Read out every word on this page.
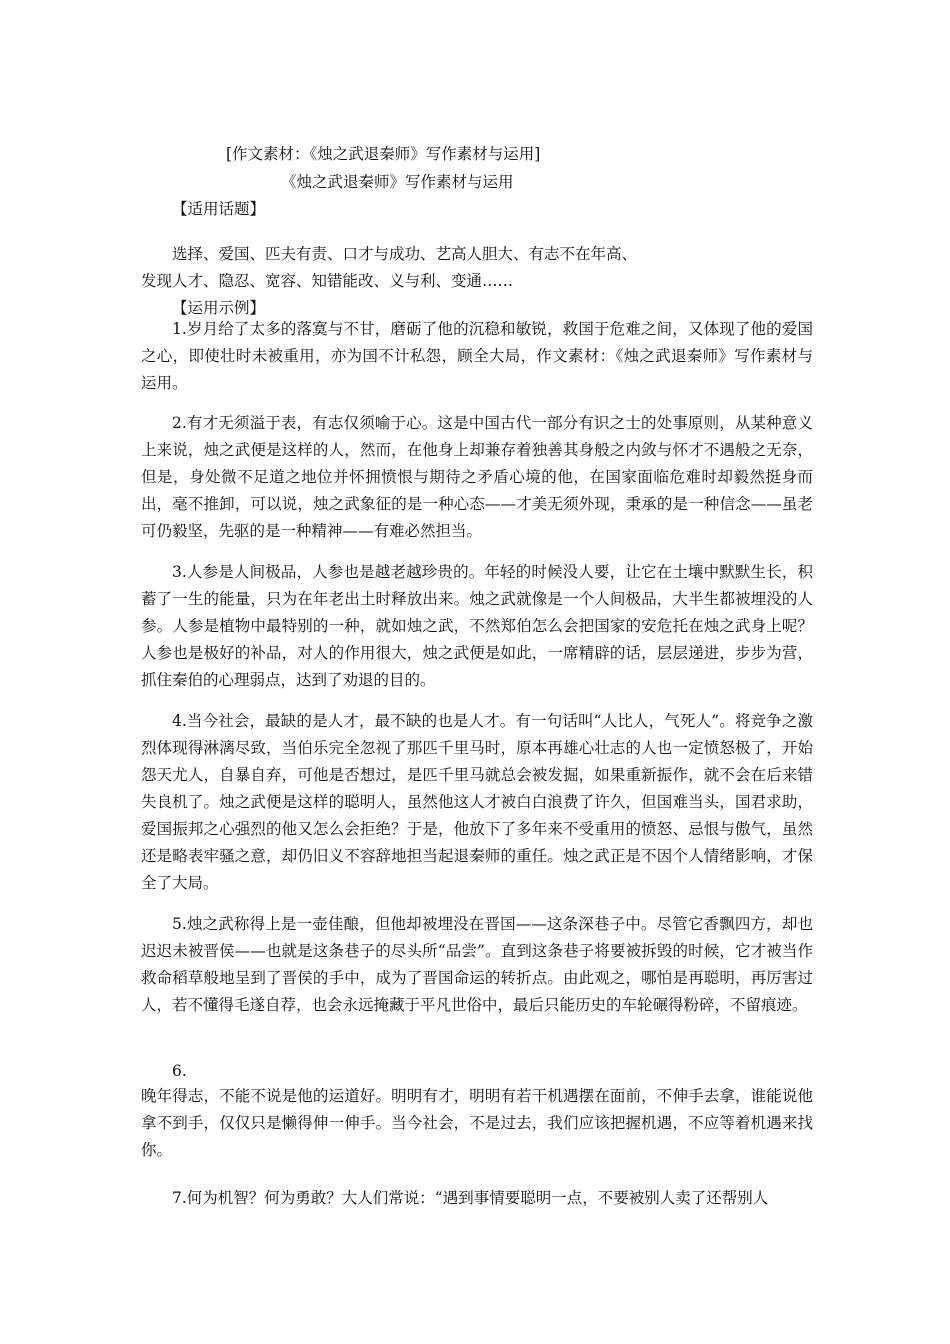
[作文素材：《烛之武退秦师》写作素材与运用]
《烛之武退秦师》写作素材与运用
【适用话题】
选择、爱国、匹夫有责、口才与成功、艺高人胆大、有志不在年高、
发现人才、隐忍、宽容、知错能改、义与利、变通……
【运用示例】

1.岁月给了太多的落寞与不甘，磨砺了他的沉稳和敏锐，救国于危难之间，又体现了他的爱国之心，即使壮时未被重用，亦为国不计私怨，顾全大局，作文素材：《烛之武退秦师》写作素材与运用。

2.有才无须溢于表，有志仅须喻于心。这是中国古代一部分有识之士的处事原则，从某种意义上来说，烛之武便是这样的人，然而，在他身上却兼存着独善其身般之内敛与怀才不遇般之无奈，但是，身处微不足道之地位并怀拥愤恨与期待之矛盾心境的他，在国家面临危难时却毅然挺身而出，毫不推卸，可以说，烛之武象征的是一种心态——才美无须外现，秉承的是一种信念——虽老可仍毅坚，先驱的是一种精神——有难必然担当。

3.人参是人间极品，人参也是越老越珍贵的。年轻的时候没人要，让它在土壤中默默生长，积蓄了一生的能量，只为在年老出土时释放出来。烛之武就像是一个人间极品，大半生都被埋没的人参。人参是植物中最特别的一种，就如烛之武，不然郑伯怎么会把国家的安危托在烛之武身上呢？人参也是极好的补品，对人的作用很大，烛之武便是如此，一席精辟的话，层层递进，步步为营，抓住秦伯的心理弱点，达到了劝退的目的。

4.当今社会，最缺的是人才，最不缺的也是人才。有一句话叫“人比人，气死人”。将竞争之激烈体现得淋漓尽致，当伯乐完全忽视了那匹千里马时，原本再雄心壮志的人也一定愤怒极了，开始怨天尤人，自暴自弃，可他是否想过，是匹千里马就总会被发掘，如果重新振作，就不会在后来错失良机了。烛之武便是这样的聪明人，虽然他这人才被白白浪费了许久，但国难当头，国君求助，爱国振邦之心强烈的他又怎么会拒绝？于是，他放下了多年来不受重用的愤怒、忌恨与傲气，虽然还是略表牢骚之意，却仍旧义不容辞地担当起退秦师的重任。烛之武正是不因个人情绪影响，才保全了大局。

5.烛之武称得上是一壶佳酿，但他却被埋没在晋国——这条深巷子中。尽管它香飘四方，却也迟迟未被晋侯——也就是这条巷子的尽头所“品尝”。直到这条巷子将要被拆毁的时候，它才被当作救命稻草般地呈到了晋侯的手中，成为了晋国命运的转折点。由此观之，哪怕是再聪明，再厉害过人，若不懂得毛遂自荐，也会永远掩藏于平凡世俗中，最后只能历史的车轮碾得粉碎，不留痕迹。

6.

晚年得志，不能不说是他的运道好。明明有才，明明有若干机遇摆在面前，不伸手去拿，谁能说他拿不到手，仅仅只是懒得伸一伸手。当今社会，不是过去，我们应该把握机遇，不应等着机遇来找你。

7.何为机智？何为勇敢？大人们常说：“遇到事情要聪明一点，不要被别人卖了还帮别人
